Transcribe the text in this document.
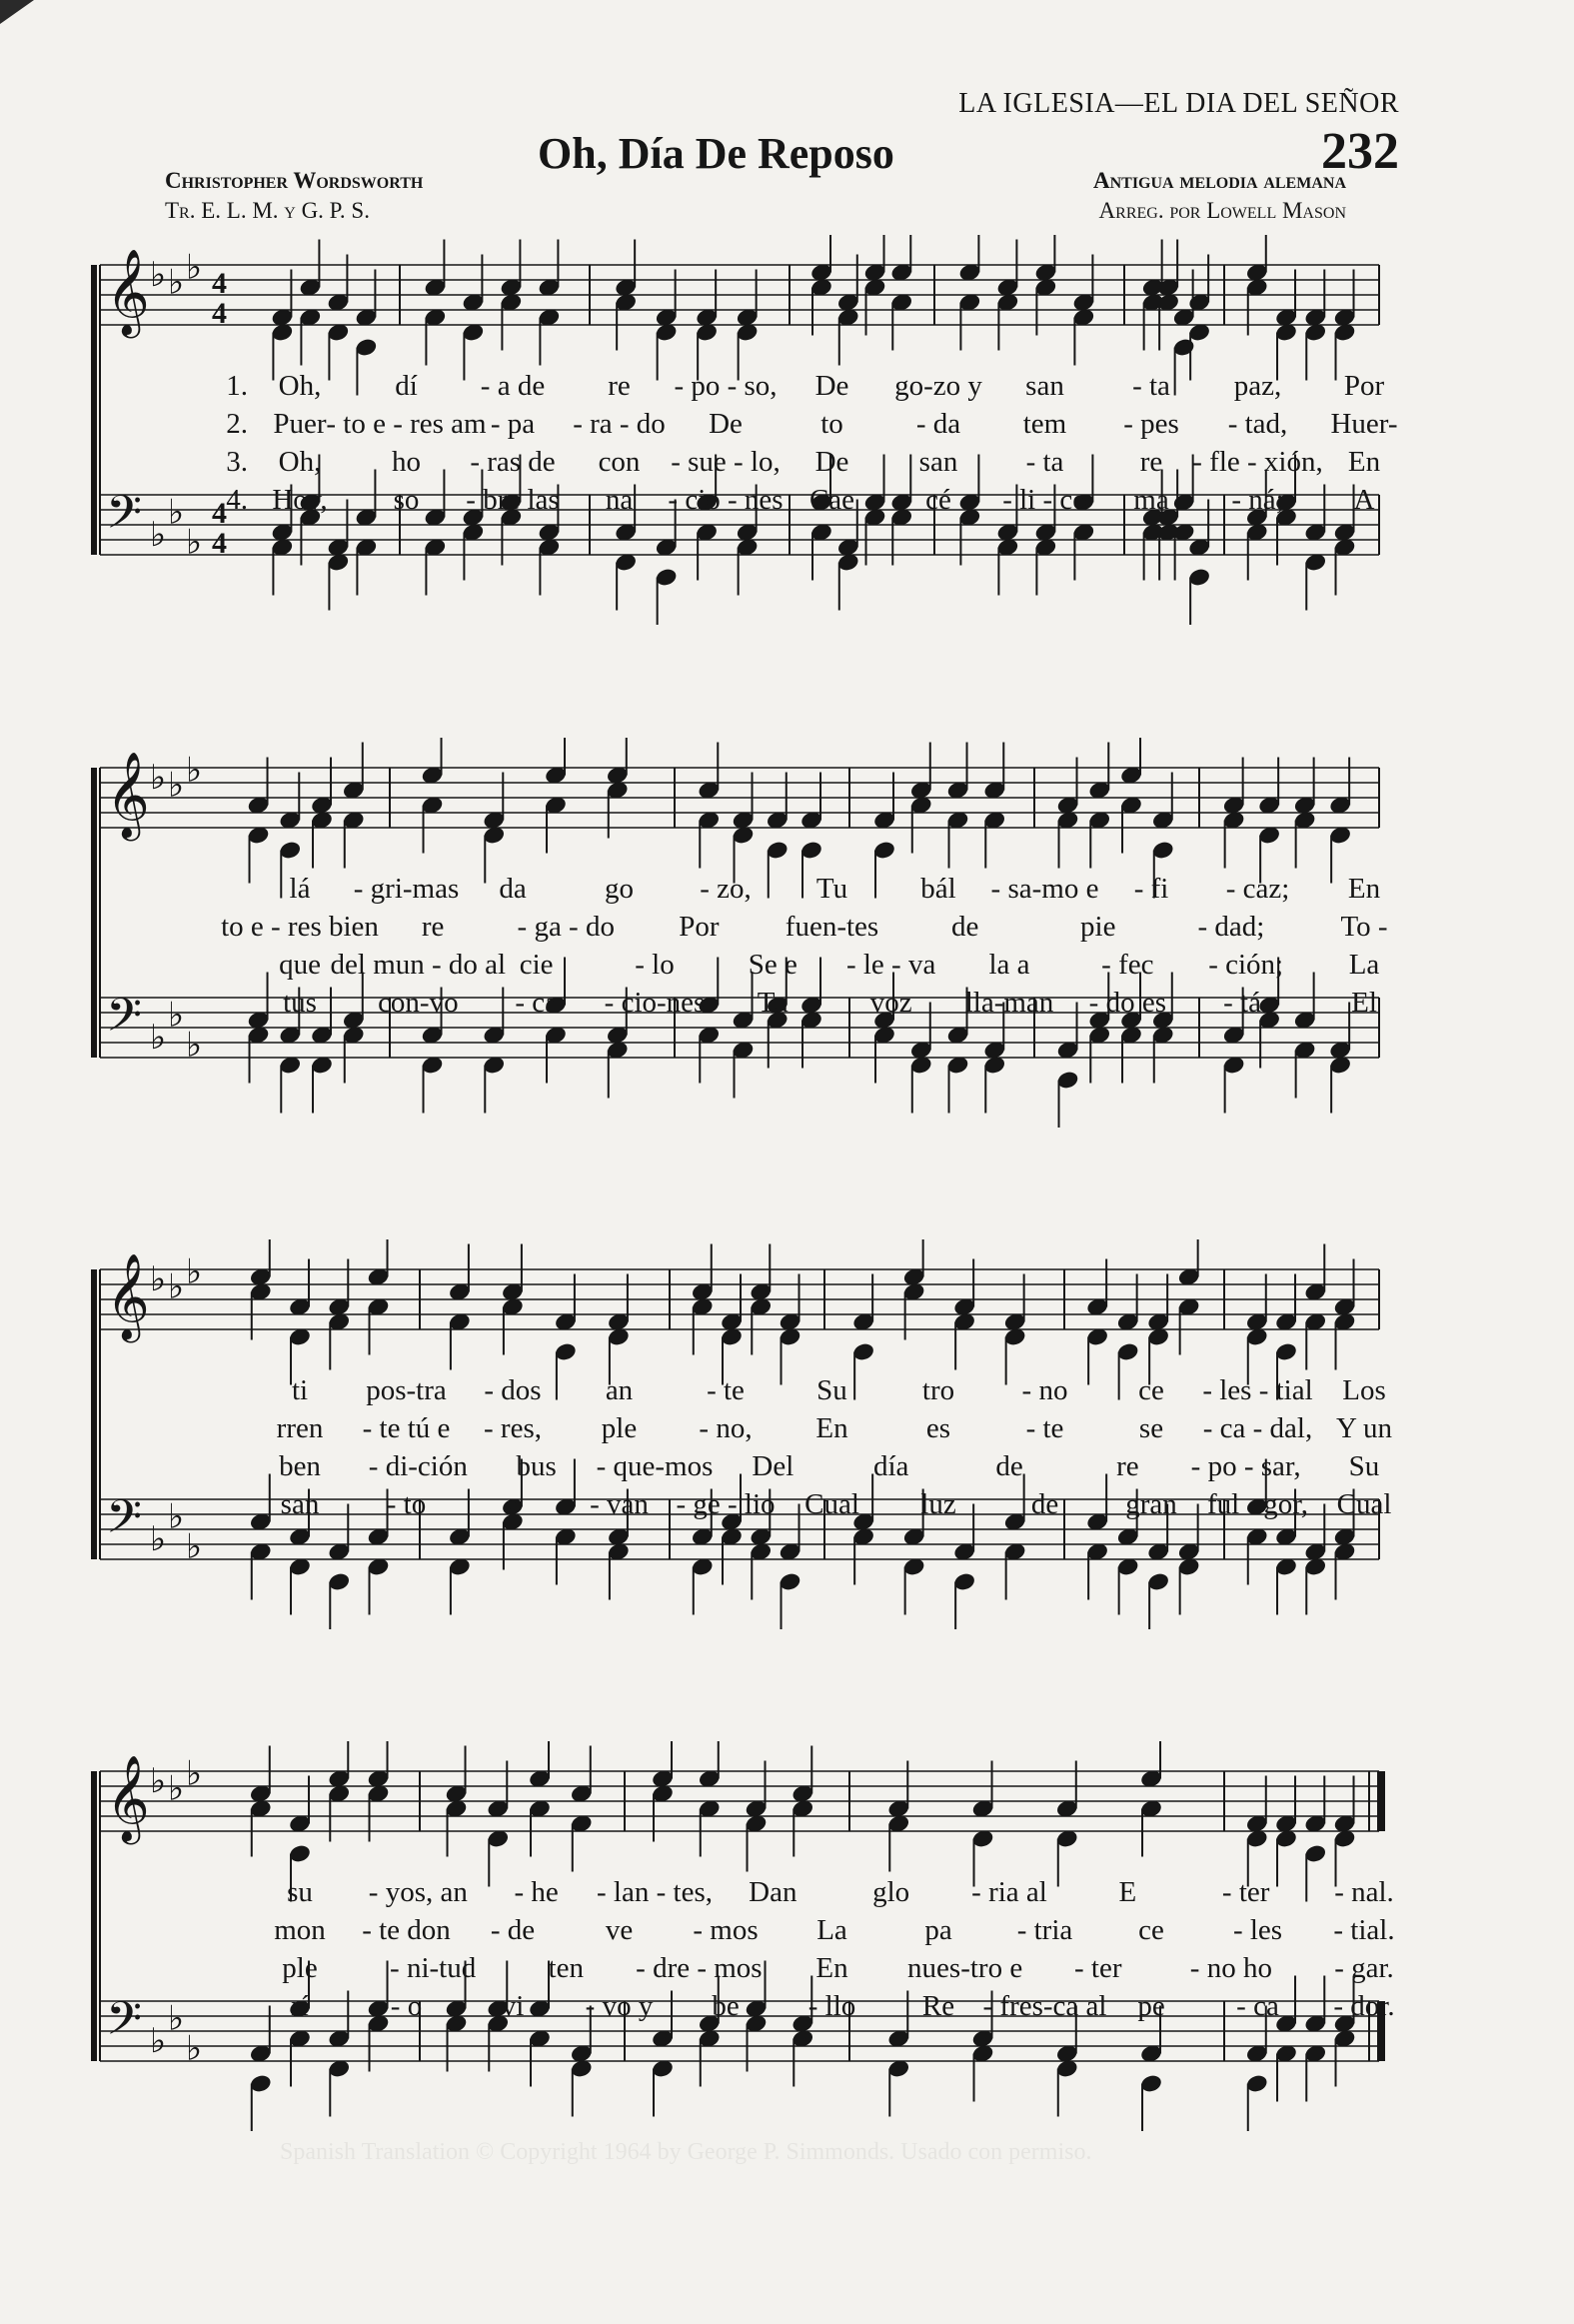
LA IGLESIA—EL DIA DEL SEÑOR
232
Oh, Día De Reposo
Christopher Wordsworth
Tr. E. L. M. y G. P. S.
Antigua melodia alemana
Arreg. por Lowell Mason
𝄞
𝄢
♭ ♭ ♭
♭
♭
♭
4
4
4
4
1. Oh,	dí - a de re - po - so, De go-zo y san - ta paz, Por
2. Puer - to e - res am - pa - ra - do De	to	- da tem - pes - tad, Huer-
3. Oh, ho - ras de con - sue - lo, De san - ta	re - fle - xión, En
4. Hoy, so - bre las na - cio - nes Cae cé - li - co ma - ná; A
𝄞
𝄢
♭ ♭ ♭
♭
♭
♭
lá - gri-mas da	go - zo, Tu	bál - sa-mo e - fi - caz; En
to e - res bien re	- ga - do Por fuen-tes	de	pie	- dad;	To -
que del mun - do al cie	- lo	Se e - le - va la a - fec - ción; La
tus con-vo - ca - cio-nes Tu	voz lla-man - do es - tá.	El
𝄞
𝄢
♭ ♭ ♭
♭
♭
♭
ti pos-tra - dos an	- te Su	tro - no ce - les - tial Los
rren - te tú e - res, ple - no, En	es	- te	se - ca - dal, Y un
ben - di-ción bus - que-mos Del	día	de	re - po - sar, Su
san - to	e - van - ge - lio Cual luz	de gran ful - gor, Cual
𝄞
𝄢
♭ ♭ ♭
♭
♭
♭
su - yos, an - he - lan - tes, Dan	glo - ria al E	- ter - nal.
mon - te don - de ve - mos La	pa - tria ce - les - tial.
ple - ni-tud ten - dre - mos En nues-tro e - ter - no ho - gar.
rí	- o	vi - vo y be - llo Re - fres-ca al pe - ca - dor.
Spanish Translation © Copyright 1964 by George P. Simmonds. Usado con permiso.
